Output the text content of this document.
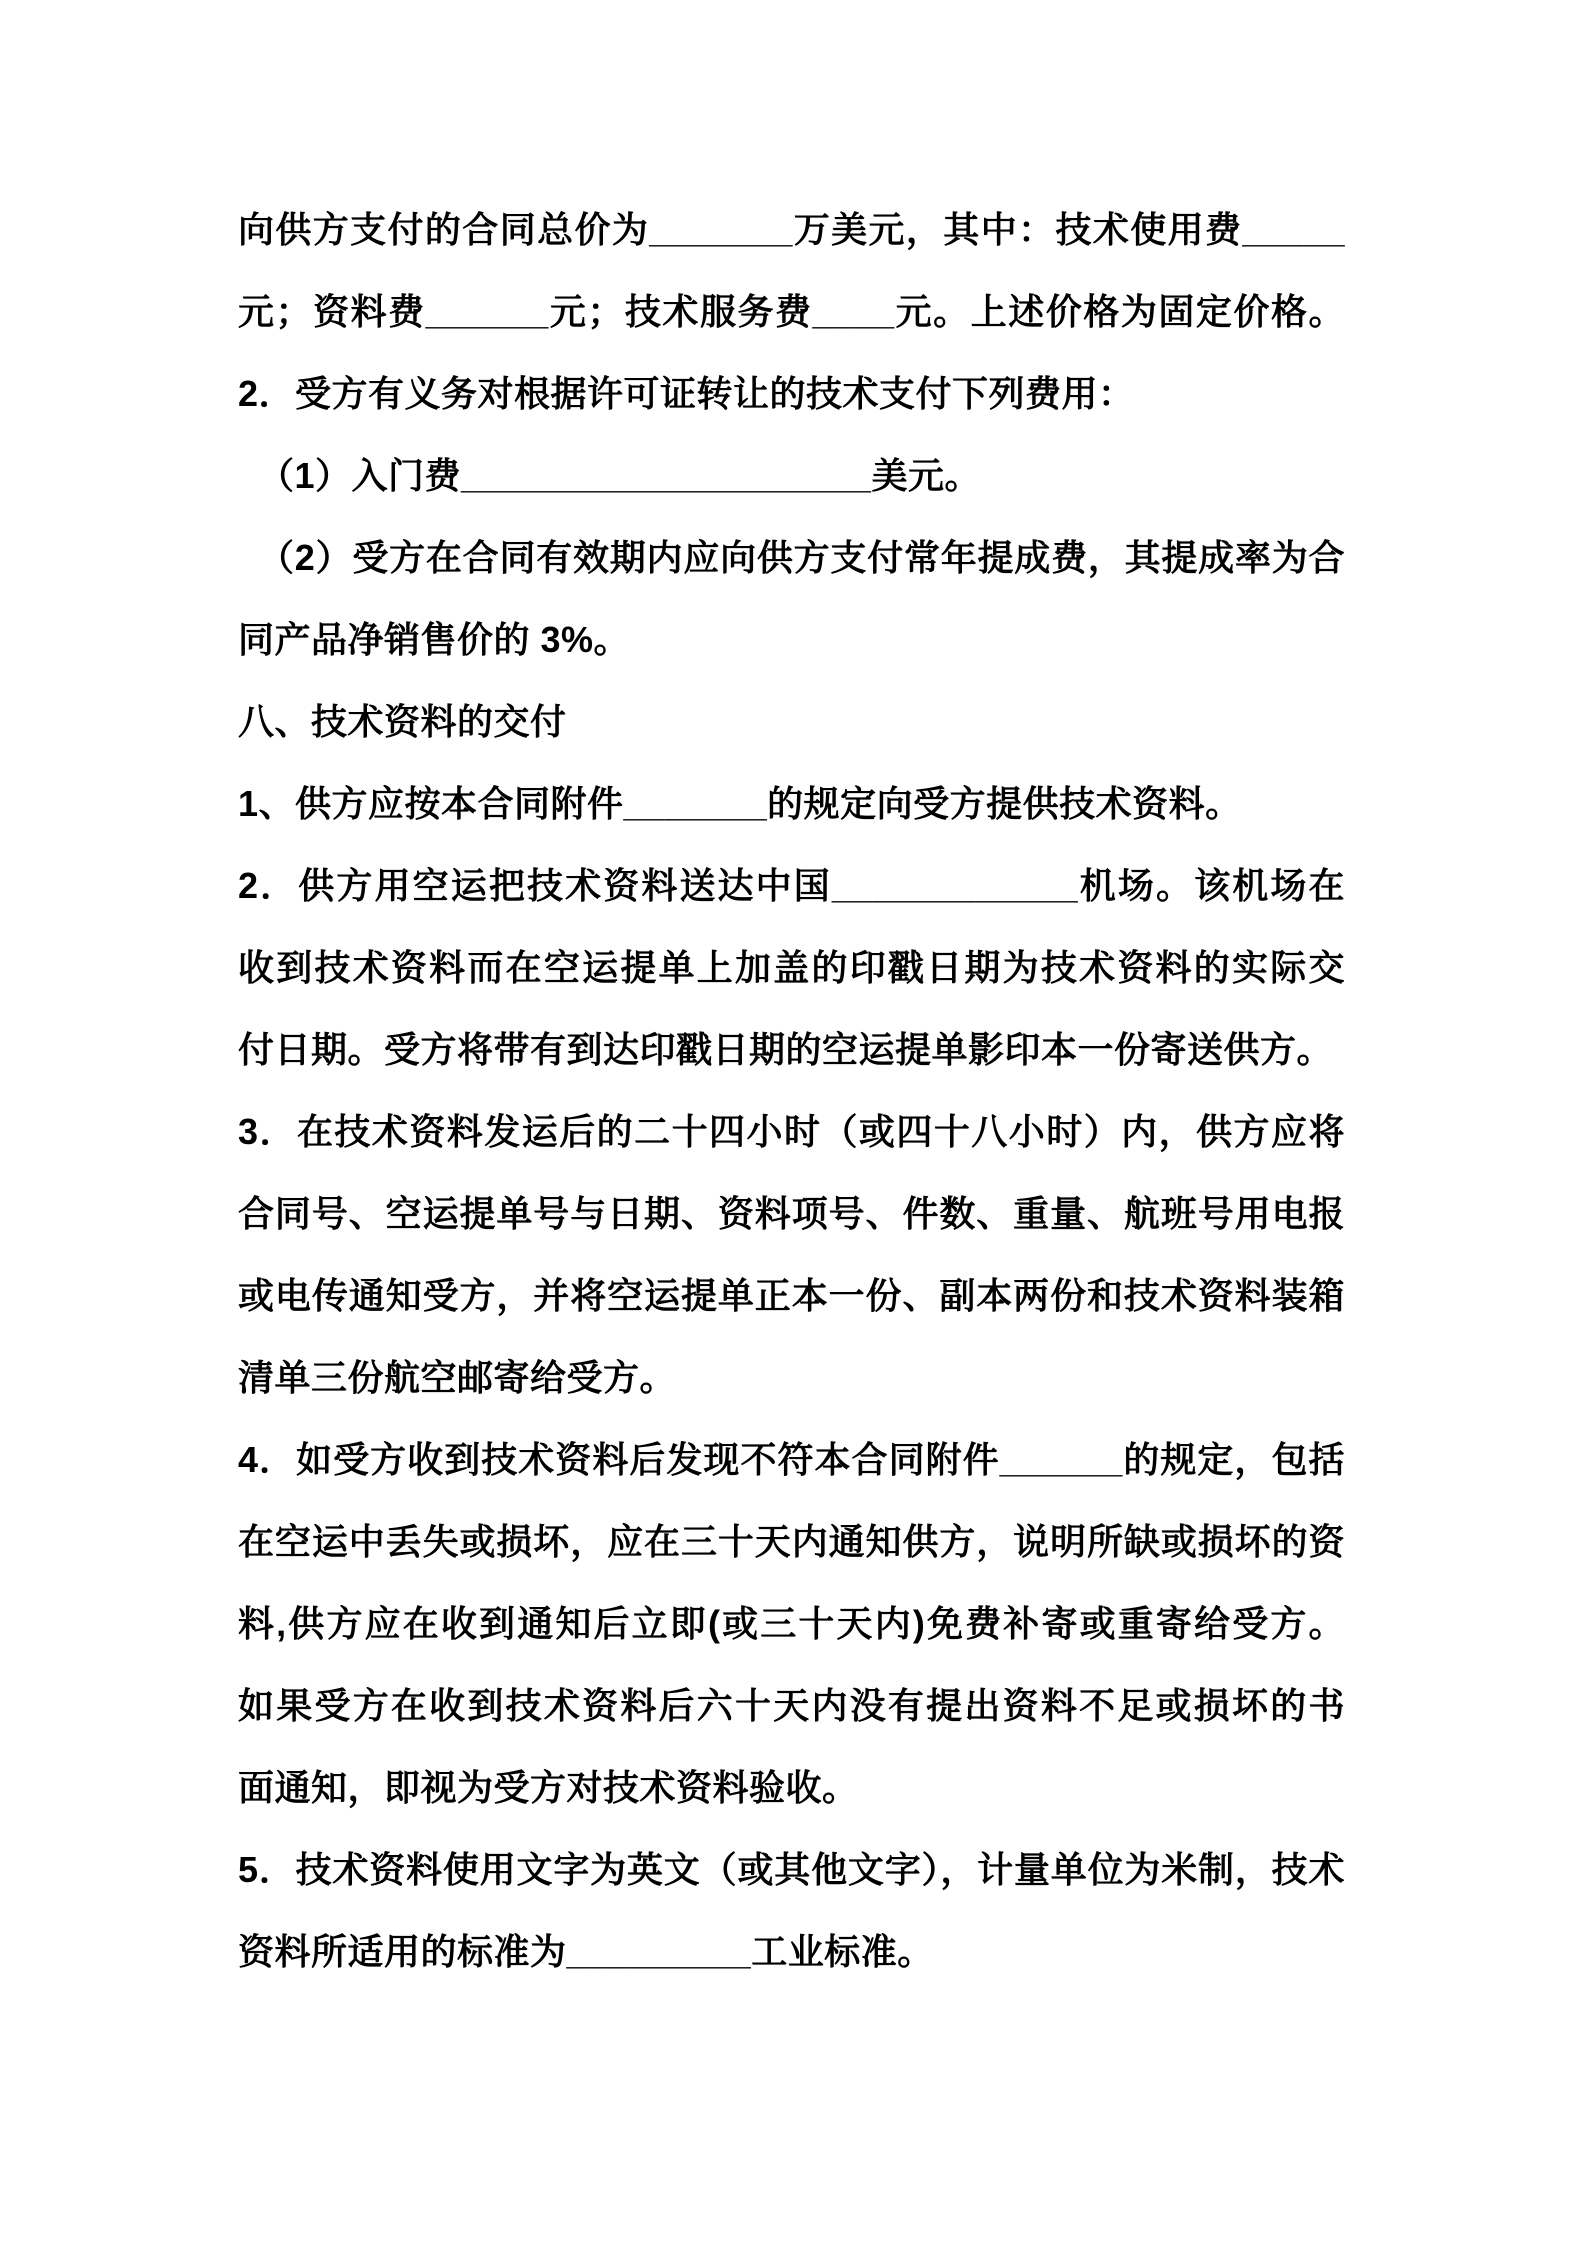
向供方支付的合同总价为_______万美元，其中：技术使用费_____
元；资料费______元；技术服务费____元。上述价格为固定价格。
2．受方有义务对根据许可证转让的技术支付下列费用：
（1）入门费____________________美元。
（2）受方在合同有效期内应向供方支付常年提成费，其提成率为合
同产品净销售价的 3%。
八、技术资料的交付
1、供方应按本合同附件_______的规定向受方提供技术资料。
2．供方用空运把技术资料送达中国____________机场。该机场在
收到技术资料而在空运提单上加盖的印戳日期为技术资料的实际交
付日期。受方将带有到达印戳日期的空运提单影印本一份寄送供方。
3．在技术资料发运后的二十四小时（或四十八小时）内，供方应将
合同号、空运提单号与日期、资料项号、件数、重量、航班号用电报
或电传通知受方，并将空运提单正本一份、副本两份和技术资料装箱
清单三份航空邮寄给受方。
4．如受方收到技术资料后发现不符本合同附件______的规定，包括
在空运中丢失或损坏，应在三十天内通知供方，说明所缺或损坏的资
料,供方应在收到通知后立即(或三十天内)免费补寄或重寄给受方。
如果受方在收到技术资料后六十天内没有提出资料不足或损坏的书
面通知，即视为受方对技术资料验收。
5．技术资料使用文字为英文（或其他文字），计量单位为米制，技术
资料所适用的标准为_________工业标准。
